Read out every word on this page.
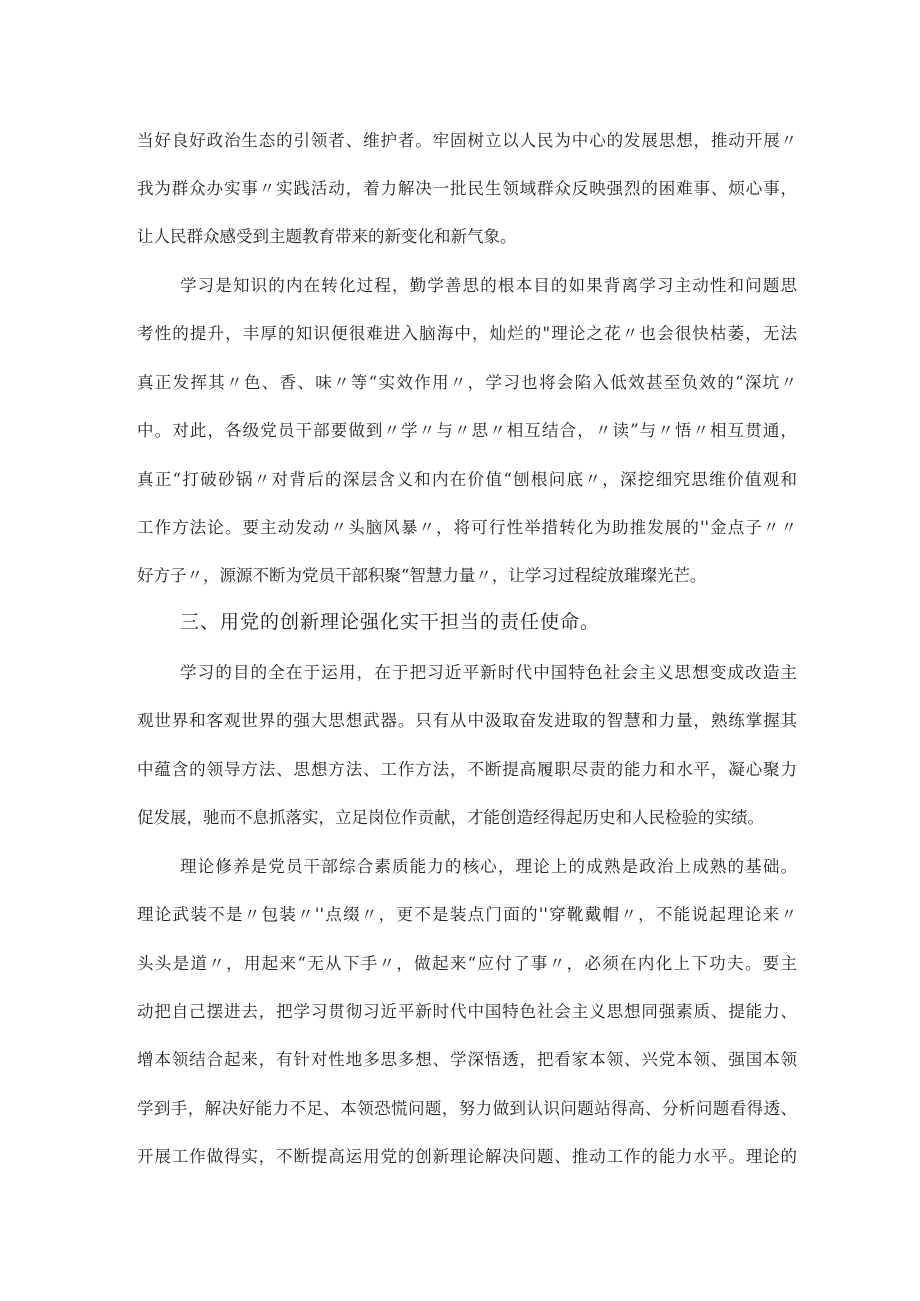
当好良好政治生态的引领者、维护者。牢固树立以人民为中心的发展思想，推动开展〃
我为群众办实事〃实践活动，着力解决一批民生领域群众反映强烈的困难事、烦心事，
让人民群众感受到主题教育带来的新变化和新气象。
学习是知识的内在转化过程，勤学善思的根本目的如果背离学习主动性和问题思
考性的提升，丰厚的知识便很难进入脑海中，灿烂的"理论之花〃也会很快枯萎，无法
真正发挥其〃色、香、味〃等“实效作用〃，学习也将会陷入低效甚至负效的“深坑〃
中。对此，各级党员干部要做到〃学〃与〃思〃相互结合，〃读”与〃悟〃相互贯通，
真正“打破砂锅〃对背后的深层含义和内在价值“刨根问底〃，深挖细究思维价值观和
工作方法论。要主动发动〃头脑风暴〃，将可行性举措转化为助推发展的''金点子〃〃
好方子〃，源源不断为党员干部积聚“智慧力量〃，让学习过程绽放璀璨光芒。
三、用党的创新理论强化实干担当的责任使命。
学习的目的全在于运用，在于把习近平新时代中国特色社会主义思想变成改造主
观世界和客观世界的强大思想武器。只有从中汲取奋发进取的智慧和力量，熟练掌握其
中蕴含的领导方法、思想方法、工作方法，不断提高履职尽责的能力和水平，凝心聚力
促发展，驰而不息抓落实，立足岗位作贡献，才能创造经得起历史和人民检验的实绩。
理论修养是党员干部综合素质能力的核心，理论上的成熟是政治上成熟的基础。
理论武装不是〃包装〃''点缀〃，更不是装点门面的''穿靴戴帽〃，不能说起理论来〃
头头是道〃，用起来“无从下手〃，做起来“应付了事〃，必须在内化上下功夫。要主
动把自己摆进去，把学习贯彻习近平新时代中国特色社会主义思想同强素质、提能力、
增本领结合起来，有针对性地多思多想、学深悟透，把看家本领、兴党本领、强国本领
学到手，解决好能力不足、本领恐慌问题，努力做到认识问题站得高、分析问题看得透、
开展工作做得实，不断提高运用党的创新理论解决问题、推动工作的能力水平。理论的
